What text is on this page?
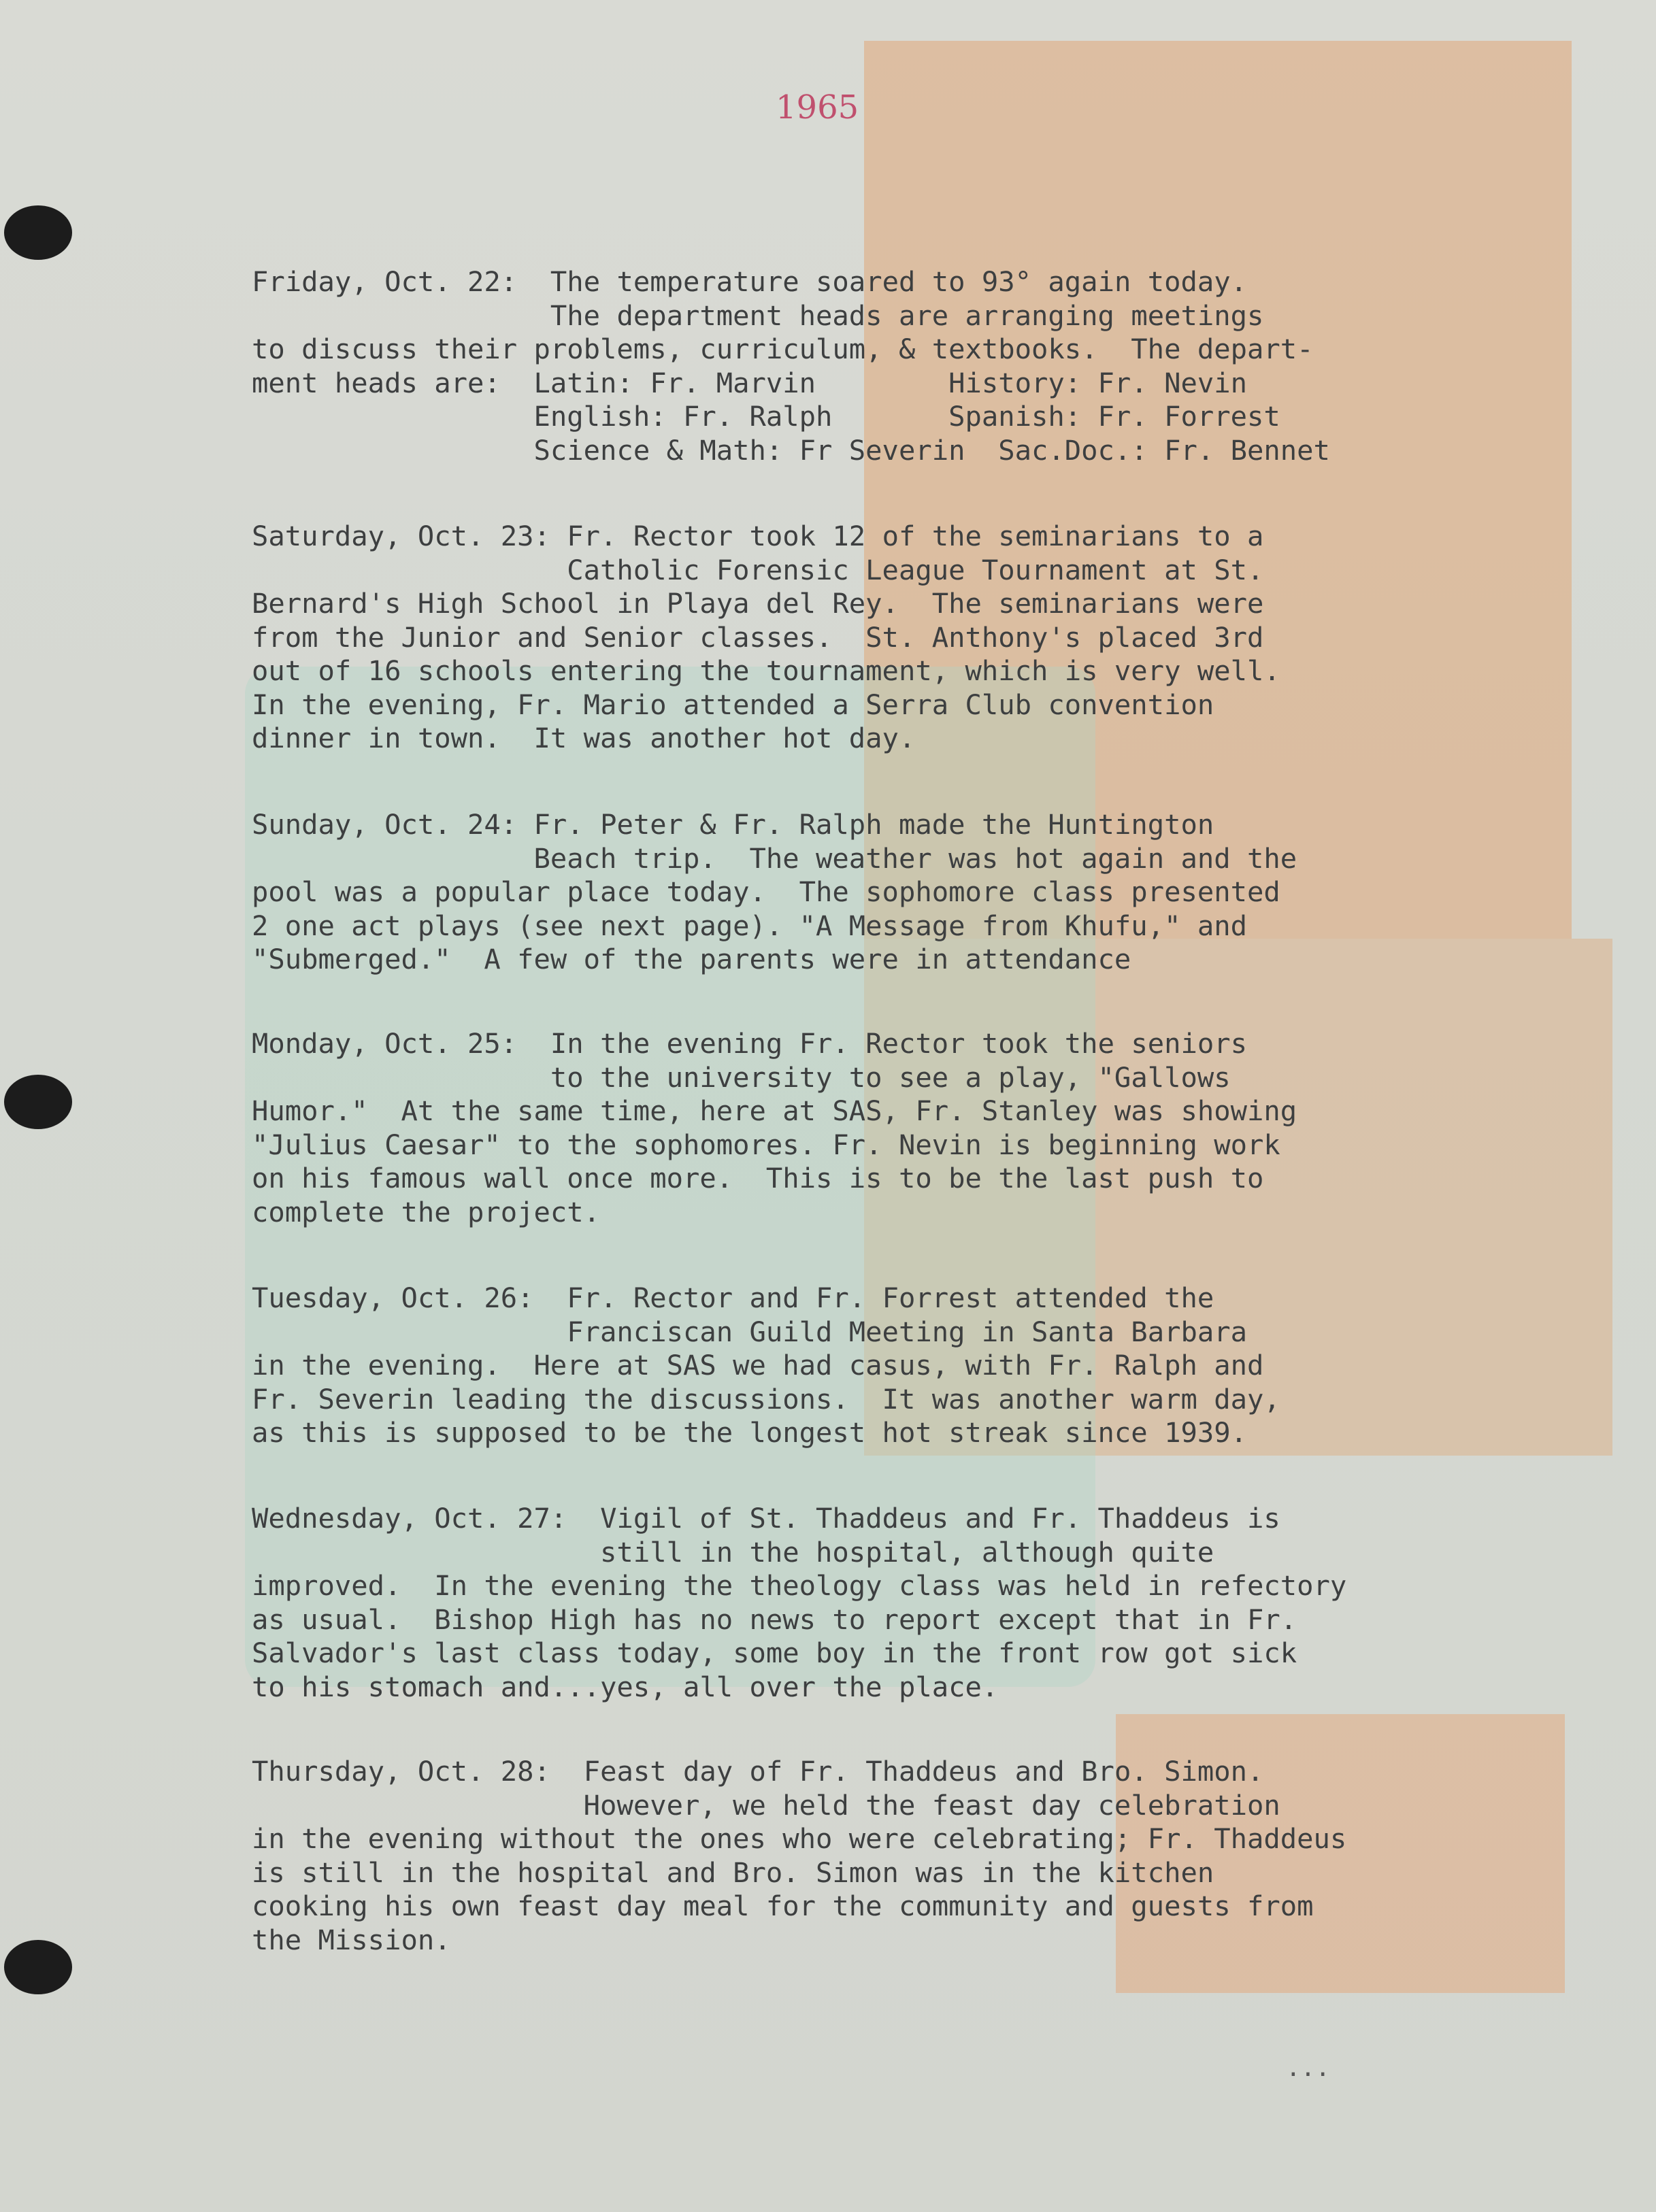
1965
Friday, Oct. 22: The temperature soared to 93° again today.
The department heads are arranging meetings
to discuss their problems, curriculum, & textbooks.  The depart-
ment heads are:  Latin: Fr. Marvin        History: Fr. Nevin
English: Fr. Ralph       Spanish: Fr. Forrest
Science & Math: Fr Severin  Sac.Doc.: Fr. Bennet
Saturday, Oct. 23: Fr. Rector took 12 of the seminarians to a
Catholic Forensic League Tournament at St.
Bernard's High School in Playa del Rey.  The seminarians were
from the Junior and Senior classes.  St. Anthony's placed 3rd
out of 16 schools entering the tournament, which is very well.
In the evening, Fr. Mario attended a Serra Club convention
dinner in town.  It was another hot day.
Sunday, Oct. 24: Fr. Peter & Fr. Ralph made the Huntington
Beach trip.  The weather was hot again and the
pool was a popular place today.  The sophomore class presented
2 one act plays (see next page). "A Message from Khufu," and
"Submerged."  A few of the parents were in attendance
Monday, Oct. 25: In the evening Fr. Rector took the seniors
to the university to see a play, "Gallows
Humor."  At the same time, here at SAS, Fr. Stanley was showing
"Julius Caesar" to the sophomores. Fr. Nevin is beginning work
on his famous wall once more.  This is to be the last push to
complete the project.
Tuesday, Oct. 26: Fr. Rector and Fr. Forrest attended the
Franciscan Guild Meeting in Santa Barbara
in the evening.  Here at SAS we had casus, with Fr. Ralph and
Fr. Severin leading the discussions.  It was another warm day,
as this is supposed to be the longest hot streak since 1939.
Wednesday, Oct. 27: Vigil of St. Thaddeus and Fr. Thaddeus is
still in the hospital, although quite
improved.  In the evening the theology class was held in refectory
as usual.  Bishop High has no news to report except that in Fr.
Salvador's last class today, some boy in the front row got sick
to his stomach and...yes, all over the place.
Thursday, Oct. 28: Feast day of Fr. Thaddeus and Bro. Simon.
However, we held the feast day celebration
in the evening without the ones who were celebrating; Fr. Thaddeus
is still in the hospital and Bro. Simon was in the kitchen
cooking his own feast day meal for the community and guests from
the Mission.
...
